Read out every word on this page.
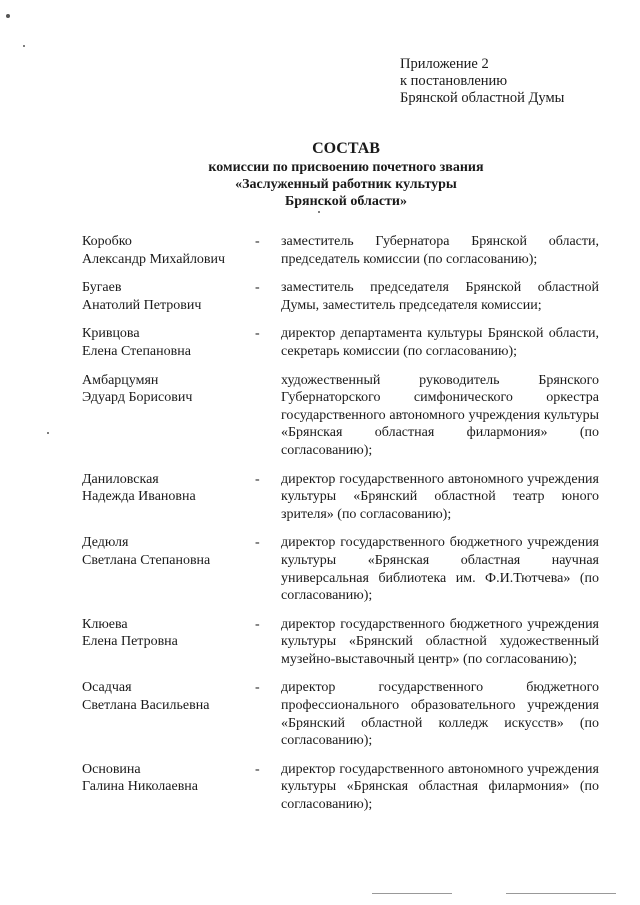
Приложение 2
к постановлению
Брянской областной Думы
СОСТАВ
комиссии по присвоению почетного звания
«Заслуженный работник культуры
Брянской области»
Коробко
Александр Михайлович
-	заместитель Губернатора Брянской области, председатель комиссии (по согласованию);
Бугаев
Анатолий Петрович
-	заместитель председателя Брянской областной Думы, заместитель председателя комиссии;
Кривцова
Елена Степановна
-	директор департамента культуры Брянской области, секретарь комиссии (по согласованию);
Амбарцумян
Эдуард Борисович
художественный руководитель Брянского Губернаторского симфонического оркестра государственного автономного учреждения культуры «Брянская областная филармония» (по согласованию);
Даниловская
Надежда Ивановна
-	директор государственного автономного учреждения культуры «Брянский областной театр юного зрителя» (по согласованию);
Дедюля
Светлана Степановна
-	директор государственного бюджетного учреждения культуры «Брянская областная научная универсальная библиотека им. Ф.И.Тютчева» (по согласованию);
Клюева
Елена Петровна
-	директор государственного бюджетного учреждения культуры «Брянский областной художественный музейно-выставочный центр» (по согласованию);
Осадчая
Светлана Васильевна
-	директор государственного бюджетного профессионального образовательного учреждения «Брянский областной колледж искусств» (по согласованию);
Основина
Галина Николаевна
-	директор государственного автономного учреждения культуры «Брянская областная филармония» (по согласованию);
